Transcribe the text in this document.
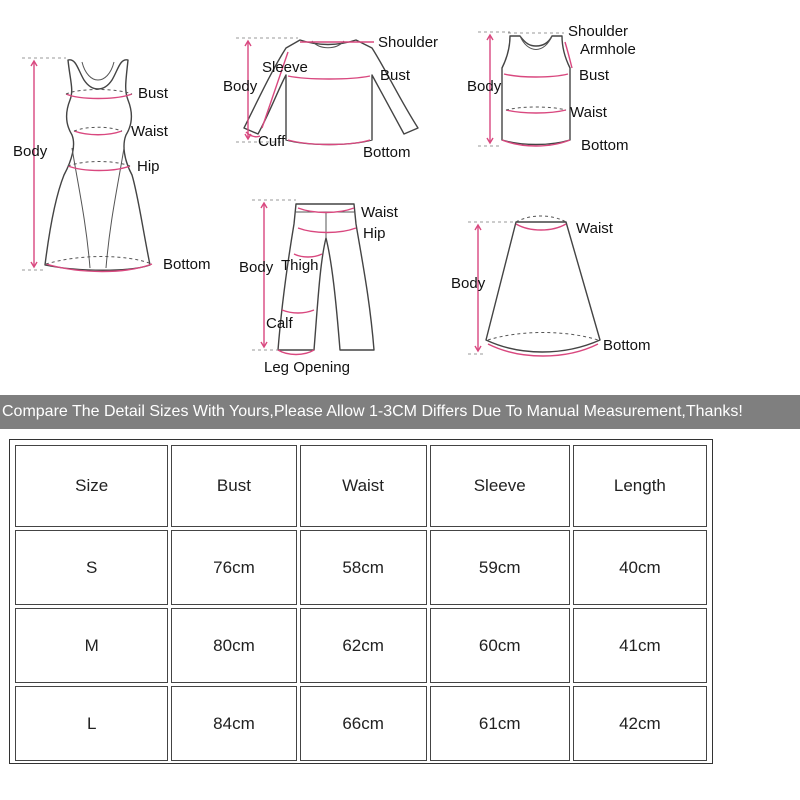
Bust
Waist
Hip
Body
Bottom
Shoulder
Sleeve	Bust
Body
Cuff
Bottom
Shoulder
Armhole
Bust
Body
Waist
Bottom
Waist
Hip
Body Thigh
Calf
Leg Opening
Waist
Body
Bottom
Compare The Detail Sizes With Yours,Please Allow 1-3CM Differs Due To Manual Measurement,Thanks!
Size	Bust	Waist	Sleeve	Length
S	76cm	58cm	59cm	40cm
M	80cm	62cm	60cm	41cm
L	84cm	66cm	61cm	42cm
